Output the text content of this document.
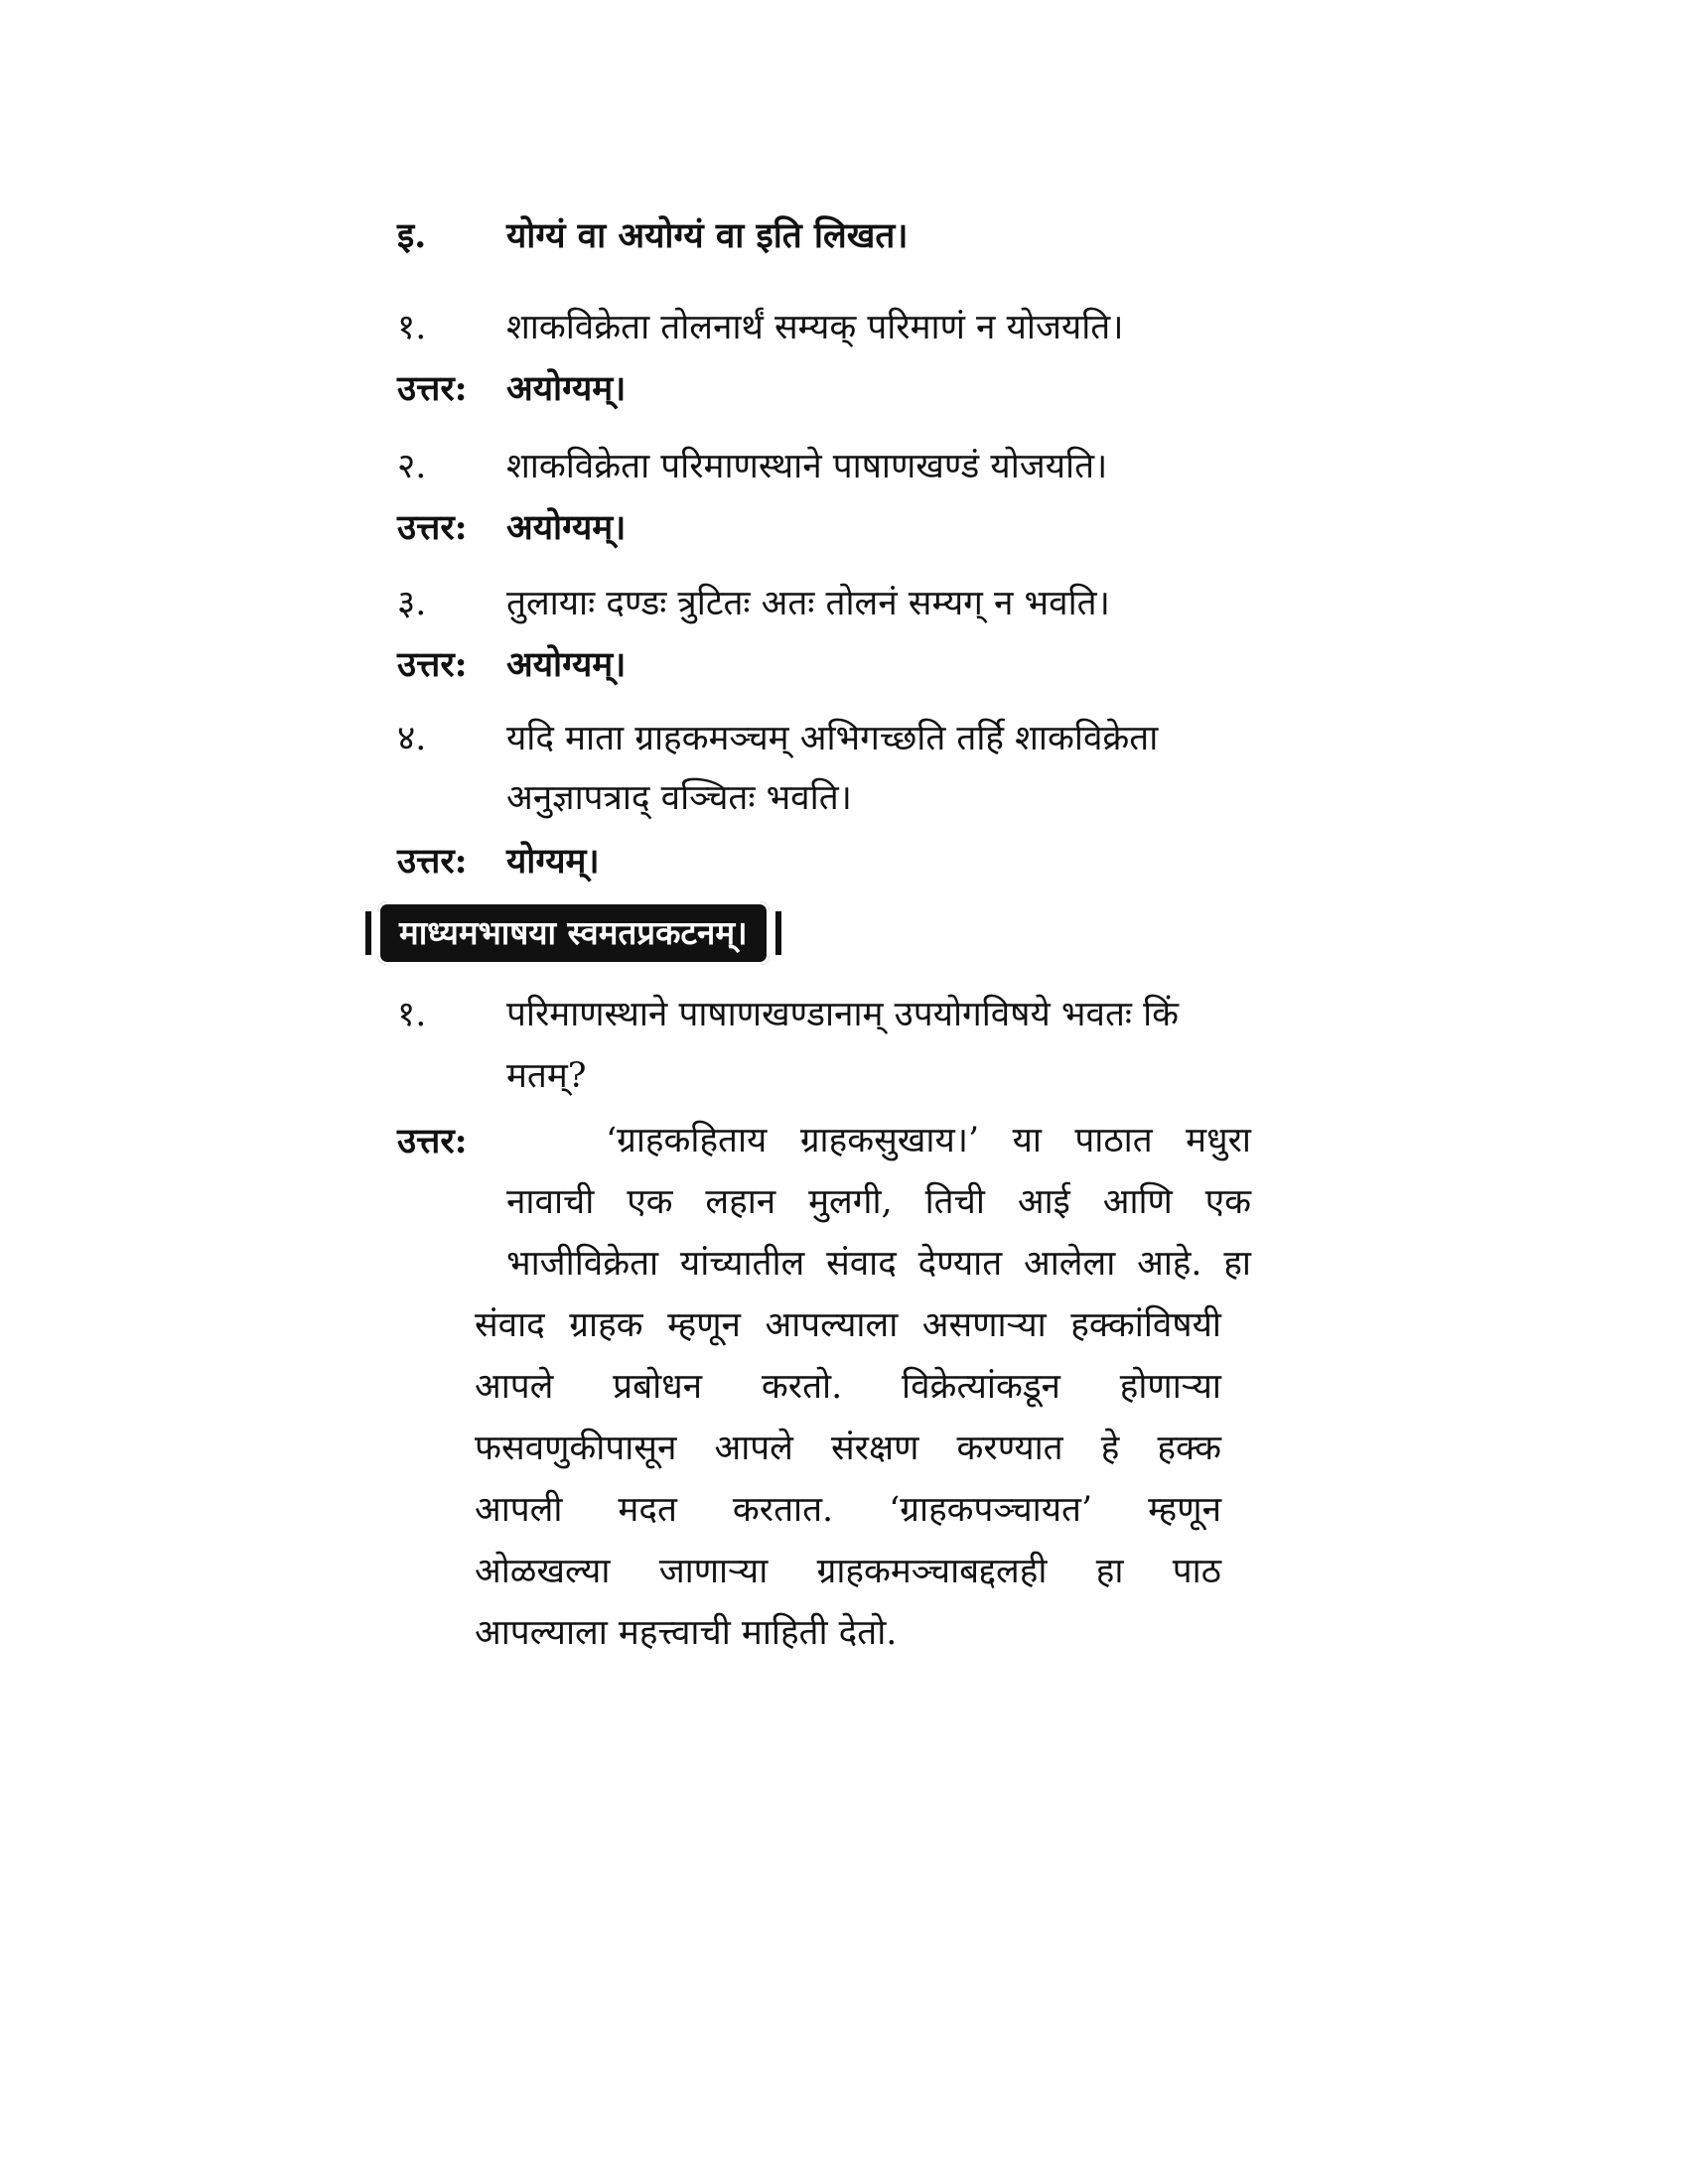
इ.	योग्यं वा अयोग्यं वा इति लिखत।
१.	शाकविक्रेता तोलनार्थं सम्यक् परिमाणं न योजयति।
उत्तर:	अयोग्यम्।
२.	शाकविक्रेता परिमाणस्थाने पाषाणखण्डं योजयति।
उत्तर:	अयोग्यम्।
३.	तुलायाः दण्डः त्रुटितः अतः तोलनं सम्यग् न भवति।
उत्तर:	अयोग्यम्।
४.	यदि माता ग्राहकमञ्चम् अभिगच्छति तर्हि शाकविक्रेता
अनुज्ञापत्राद् वञ्चितः भवति।
उत्तर:	योग्यम्।
माध्यमभाषया स्वमतप्रकटनम्।
१.	परिमाणस्थाने पाषाणखण्डानाम् उपयोगविषये भवतः किं
मतम्?
उत्तर:	‘ग्राहकहिताय ग्राहकसुखाय।’ या पाठात मधुरा
नावाची एक लहान मुलगी, तिची आई आणि एक
भाजीविक्रेता यांच्यातील संवाद देण्यात आलेला आहे. हा
संवाद ग्राहक म्हणून आपल्याला असणाऱ्या हक्कांविषयी
आपले प्रबोधन करतो. विक्रेत्यांकडून होणाऱ्या
फसवणुकीपासून आपले संरक्षण करण्यात हे हक्क
आपली मदत करतात. ‘ग्राहकपञ्चायत’ म्हणून
ओळखल्या जाणाऱ्या ग्राहकमञ्चाबद्दलही हा पाठ
आपल्याला महत्त्वाची माहिती देतो.
